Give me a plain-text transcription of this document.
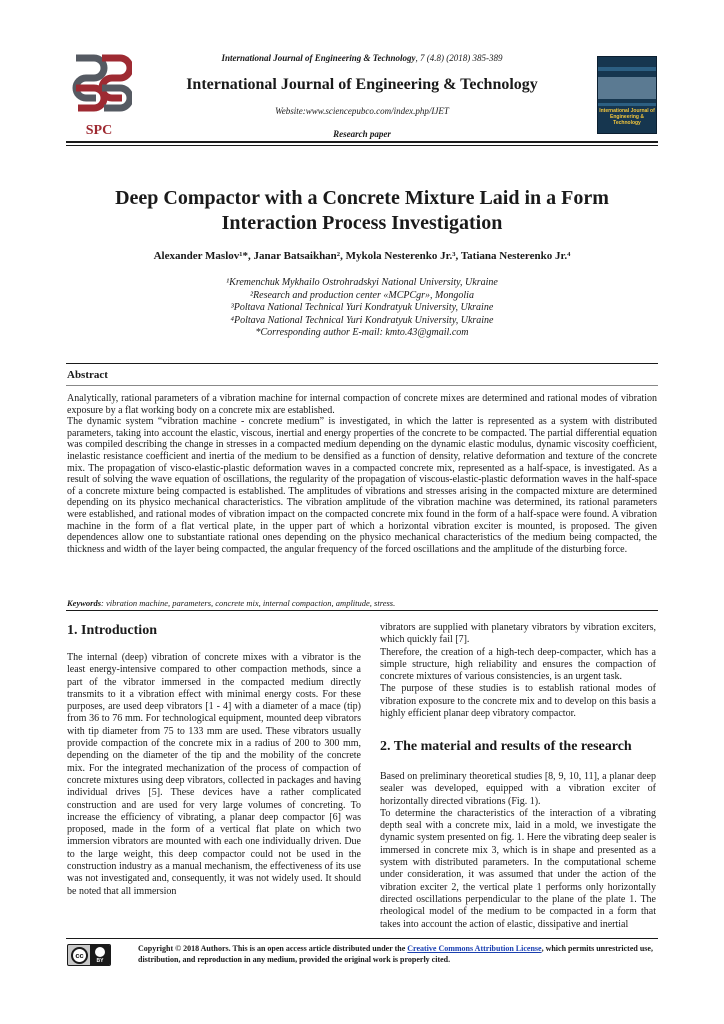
International Journal of Engineering & Technology, 7 (4.8) (2018) 385-389
SPC
International Journal of Engineering & Technology
Website:www.sciencepubco.com/index.php/IJET
Research paper
International Journal of
Engineering & Technology
Deep Compactor with a Concrete Mixture Laid in a Form
Interaction Process Investigation
Alexander Maslov¹*, Janar Batsaikhan², Mykola Nesterenko Jr.³, Tatiana Nesterenko Jr.⁴
¹Kremenchuk Mykhailo Ostrohradskyi National University, Ukraine
²Research and production center «MCPCgr», Mongolia
³Poltava National Technical Yuri Kondratyuk University, Ukraine
⁴Poltava National Technical Yuri Kondratyuk University, Ukraine
*Corresponding author E-mail: kmto.43@gmail.com
Abstract

Analytically, rational parameters of a vibration machine for internal compaction of concrete mixes are determined and rational modes of vibration exposure by a flat working body on a concrete mix are established.

The dynamic system “vibration machine - concrete medium” is investigated, in which the latter is represented as a system with distributed parameters, taking into account the elastic, viscous, inertial and energy properties of the concrete to be compacted. The partial differential equation was compiled describing the change in stresses in a compacted medium depending on the dynamic elastic modulus, dynamic viscosity coefficient, inelastic resistance coefficient and inertia of the medium to be densified as a function of density, relative deformation and texture of the concrete mix. The propagation of visco-elastic-plastic deformation waves in a compacted concrete mix, represented as a half-space, is investigated. As a result of solving the wave equation of oscillations, the regularity of the propagation of viscous-elastic-plastic deformation waves in the half-space of a concrete mixture being compacted is established. The amplitudes of vibrations and stresses arising in the compacted mixture are determined depending on its physico mechanical characteristics. The vibration amplitude of the vibration machine was determined, its rational parameters were established, and rational modes of vibration impact on the compacted concrete mix found in the form of a half-space were found. A vibration machine in the form of a flat vertical plate, in the upper part of which a horizontal vibration exciter is mounted, is proposed. The given dependences allow one to substantiate rational ones depending on the physico mechanical characteristics of the medium being compacted, the thickness and width of the layer being compacted, the angular frequency of the forced oscillations and the amplitude of the disturbing force.

Keywords: vibration machine, parameters, concrete mix, internal compaction, amplitude, stress.
1. Introduction

The internal (deep) vibration of concrete mixes with a vibrator is the least energy-intensive compared to other compaction methods, since a part of the vibrator immersed in the compacted medium directly transmits to it a vibration effect with minimal energy costs. For these purposes, are used deep vibrators [1 - 4] with a diameter of a mace (tip) from 36 to 76 mm. For technological equipment, mounted deep vibrators with tip diameter from 75 to 133 mm are used. These vibrators usually provide compaction of the concrete mix in a radius of 200 to 300 mm, depending on the diameter of the tip and the mobility of the concrete mix. For the integrated mechanization of the process of compaction of concrete mixtures using deep vibrators, collected in packages and having individual drives [5]. These devices have a rather complicated construction and are used for very large volumes of concreting. To increase the efficiency of vibrating, a planar deep compactor [6] was proposed, made in the form of a vertical flat plate on which two immersion vibrators are mounted with each one individually driven. Due to the large weight, this deep compactor could not be used in the construction industry as a manual mechanism, the effectiveness of its use was not investigated and, consequently, it was not widely used. It should be noted that all immersion

vibrators are supplied with planetary vibrators by vibration exciters, which quickly fail [7].

Therefore, the creation of a high-tech deep-compacter, which has a simple structure, high reliability and ensures the compaction of concrete mixtures of various consistencies, is an urgent task.

The purpose of these studies is to establish rational modes of vibration exposure to the concrete mix and to develop on this basis a highly efficient planar deep vibratory compactor.

2. The material and results of the research

Based on preliminary theoretical studies [8, 9, 10, 11], a planar deep sealer was developed, equipped with a vibration exciter of horizontally directed vibrations (Fig. 1).

To determine the characteristics of the interaction of a vibrating depth seal with a concrete mix, laid in a mold, we investigate the dynamic system presented on fig. 1. Here the vibrating deep sealer is immersed in concrete mix 3, which is in shape and presented as a system with distributed parameters. In the computational scheme under consideration, it was assumed that under the action of the vibration exciter 2, the vertical plate 1 performs only horizontally directed oscillations perpendicular to the plane of the plate 1. The rheological model of the medium to be compacted in a form that takes into account the action of elastic, dissipative and inertial

cc
BY
Copyright © 2018 Authors. This is an open access article distributed under the Creative Commons Attribution License, which permits unrestricted use, distribution, and reproduction in any medium, provided the original work is properly cited.
